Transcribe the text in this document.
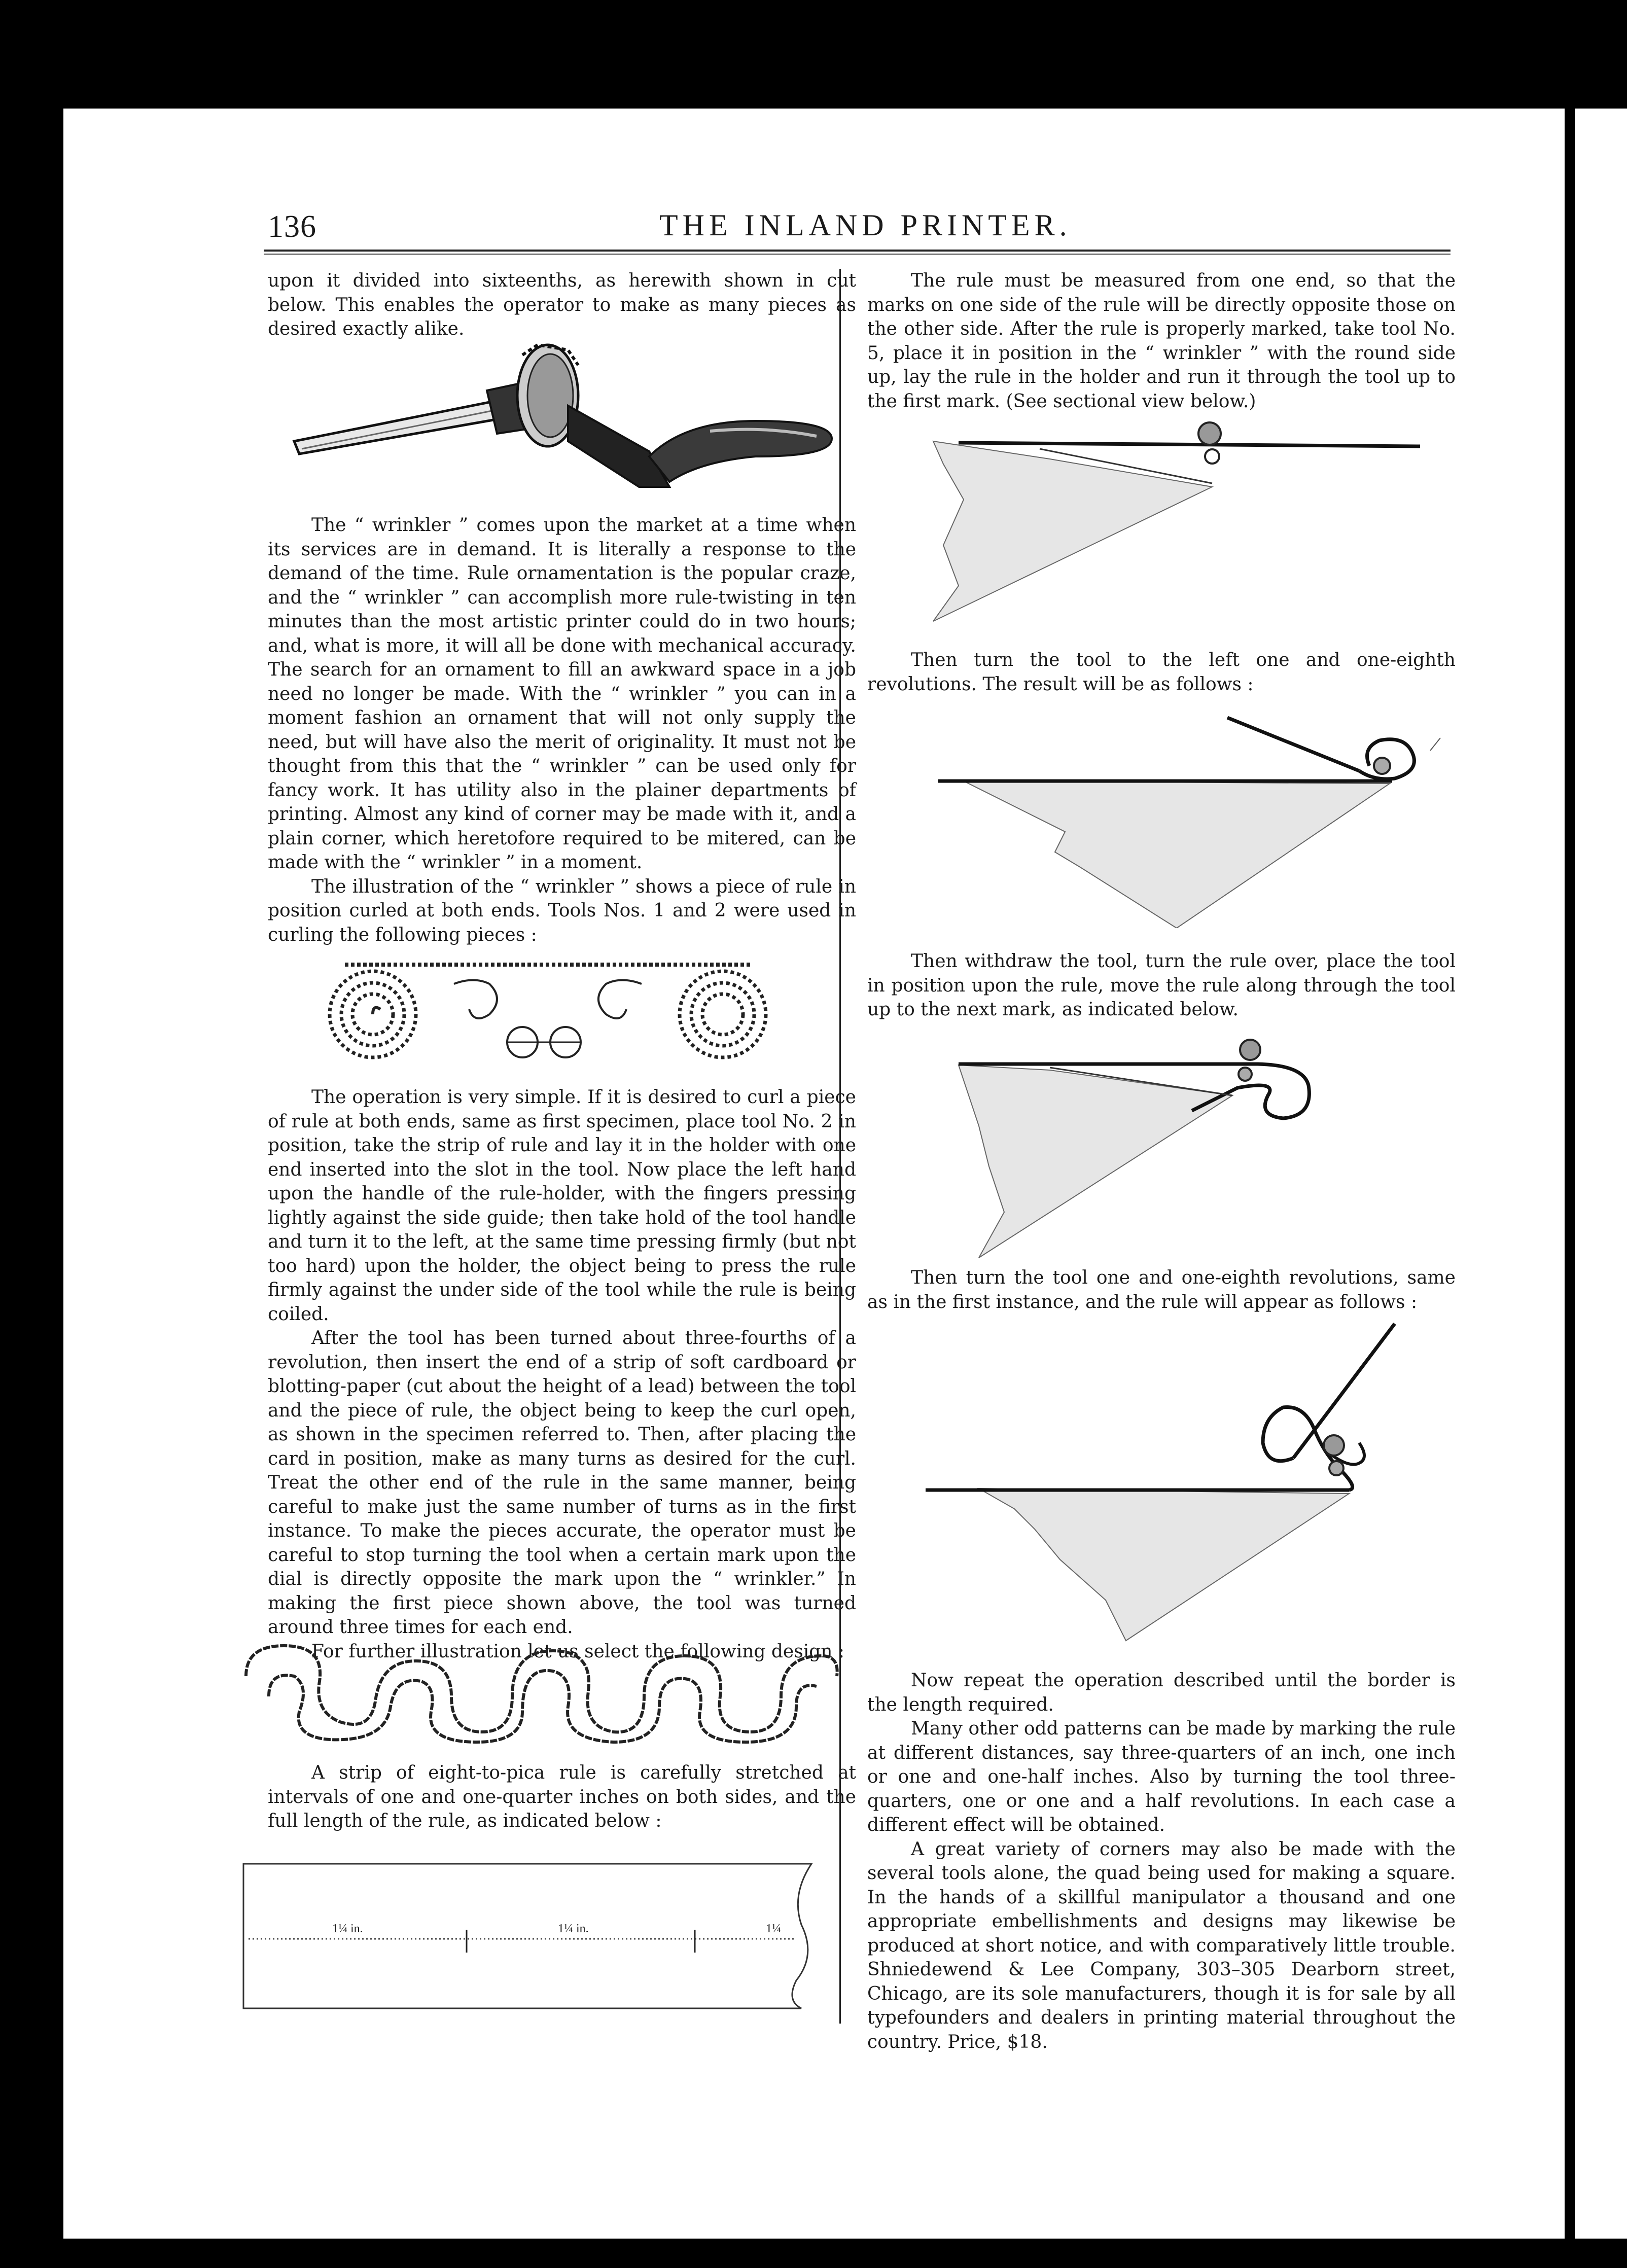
136	THE INLAND PRINTER.

upon it divided into sixteenths, as herewith shown in cut below. This enables the operator to make as many pieces as desired exactly alike.

The “ wrinkler ” comes upon the market at a time when its services are in demand. It is literally a response to the demand of the time. Rule ornamentation is the popular craze, and the “ wrinkler ” can accomplish more rule-twisting in ten minutes than the most artistic printer could do in two hours; and, what is more, it will all be done with mechanical accuracy. The search for an ornament to fill an awkward space in a job need no longer be made. With the “ wrinkler ” you can in a moment fashion an ornament that will not only supply the need, but will have also the merit of originality. It must not be thought from this that the “ wrinkler ” can be used only for fancy work. It has utility also in the plainer departments of printing. Almost any kind of corner may be made with it, and a plain corner, which heretofore required to be mitered, can be made with the “ wrinkler ” in a moment.

The illustration of the “ wrinkler ” shows a piece of rule in position curled at both ends. Tools Nos. 1 and 2 were used in curling the following pieces :

The operation is very simple. If it is desired to curl a piece of rule at both ends, same as first specimen, place tool No. 2 in position, take the strip of rule and lay it in the holder with one end inserted into the slot in the tool. Now place the left hand upon the handle of the rule-holder, with the fingers pressing lightly against the side guide; then take hold of the tool handle and turn it to the left, at the same time pressing firmly (but not too hard) upon the holder, the object being to press the rule firmly against the under side of the tool while the rule is being coiled.

After the tool has been turned about three-fourths of a revolution, then insert the end of a strip of soft cardboard or blotting-paper (cut about the height of a lead) between the tool and the piece of rule, the object being to keep the curl open, as shown in the specimen referred to. Then, after placing the card in position, make as many turns as desired for the curl. Treat the other end of the rule in the same manner, being careful to make just the same number of turns as in the first instance. To make the pieces accurate, the operator must be careful to stop turning the tool when a certain mark upon the dial is directly opposite the mark upon the “ wrinkler.” In making the first piece shown above, the tool was turned around three times for each end.

For further illustration let us select the following design :

A strip of eight-to-pica rule is carefully stretched at intervals of one and one-quarter inches on both sides, and the full length of the rule, as indicated below :

1¼ in.	1¼ in.	1¼

The rule must be measured from one end, so that the marks on one side of the rule will be directly opposite those on the other side. After the rule is properly marked, take tool No. 5, place it in position in the “ wrinkler ” with the round side up, lay the rule in the holder and run it through the tool up to the first mark. (See sectional view below.)

Then turn the tool to the left one and one-eighth revolutions. The result will be as follows :

Then withdraw the tool, turn the rule over, place the tool in position upon the rule, move the rule along through the tool up to the next mark, as indicated below.

Then turn the tool one and one-eighth revolutions, same as in the first instance, and the rule will appear as follows :

Now repeat the operation described until the border is the length required.

Many other odd patterns can be made by marking the rule at different distances, say three-quarters of an inch, one inch or one and one-half inches. Also by turning the tool three-quarters, one or one and a half revolutions. In each case a different effect will be obtained.

A great variety of corners may also be made with the several tools alone, the quad being used for making a square. In the hands of a skillful manipulator a thousand and one appropriate embellishments and designs may likewise be produced at short notice, and with comparatively little trouble. Shniedewend & Lee Company, 303–305 Dearborn street, Chicago, are its sole manufacturers, though it is for sale by all typefounders and dealers in printing material throughout the country. Price, $18.
